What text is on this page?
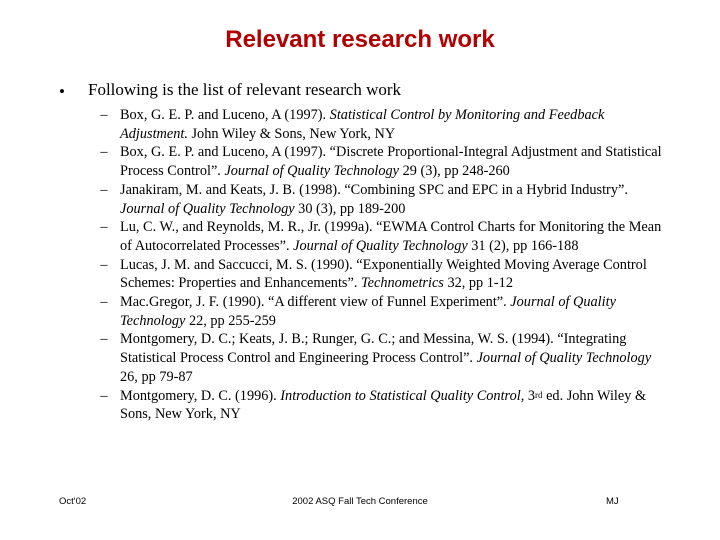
Relevant research work
• Following is the list of relevant research work
– Box, G. E. P. and Luceno, A (1997). Statistical Control by Monitoring and Feedback Adjustment. John Wiley & Sons, New York, NY
– Box, G. E. P. and Luceno, A (1997). “Discrete Proportional-Integral Adjustment and Statistical Process Control”. Journal of Quality Technology 29 (3), pp 248-260
– Janakiram, M. and Keats, J. B. (1998). “Combining SPC and EPC in a Hybrid Industry”. Journal of Quality Technology 30 (3), pp 189-200
– Lu, C. W., and Reynolds, M. R., Jr. (1999a). “EWMA Control Charts for Monitoring the Mean of Autocorrelated Processes”. Journal of Quality Technology 31 (2), pp 166-188
– Lucas, J. M. and Saccucci, M. S. (1990). “Exponentially Weighted Moving Average Control Schemes: Properties and Enhancements”. Technometrics 32, pp 1-12
– Mac.Gregor, J. F. (1990). “A different view of Funnel Experiment”. Journal of Quality Technology 22, pp 255-259
– Montgomery, D. C.; Keats, J. B.; Runger, G. C.; and Messina, W. S. (1994). “Integrating Statistical Process Control and Engineering Process Control”. Journal of Quality Technology 26, pp 79-87
– Montgomery, D. C. (1996). Introduction to Statistical Quality Control, 3rd ed. John Wiley & Sons, New York, NY
Oct'02	2002 ASQ Fall Tech Conference	MJ
